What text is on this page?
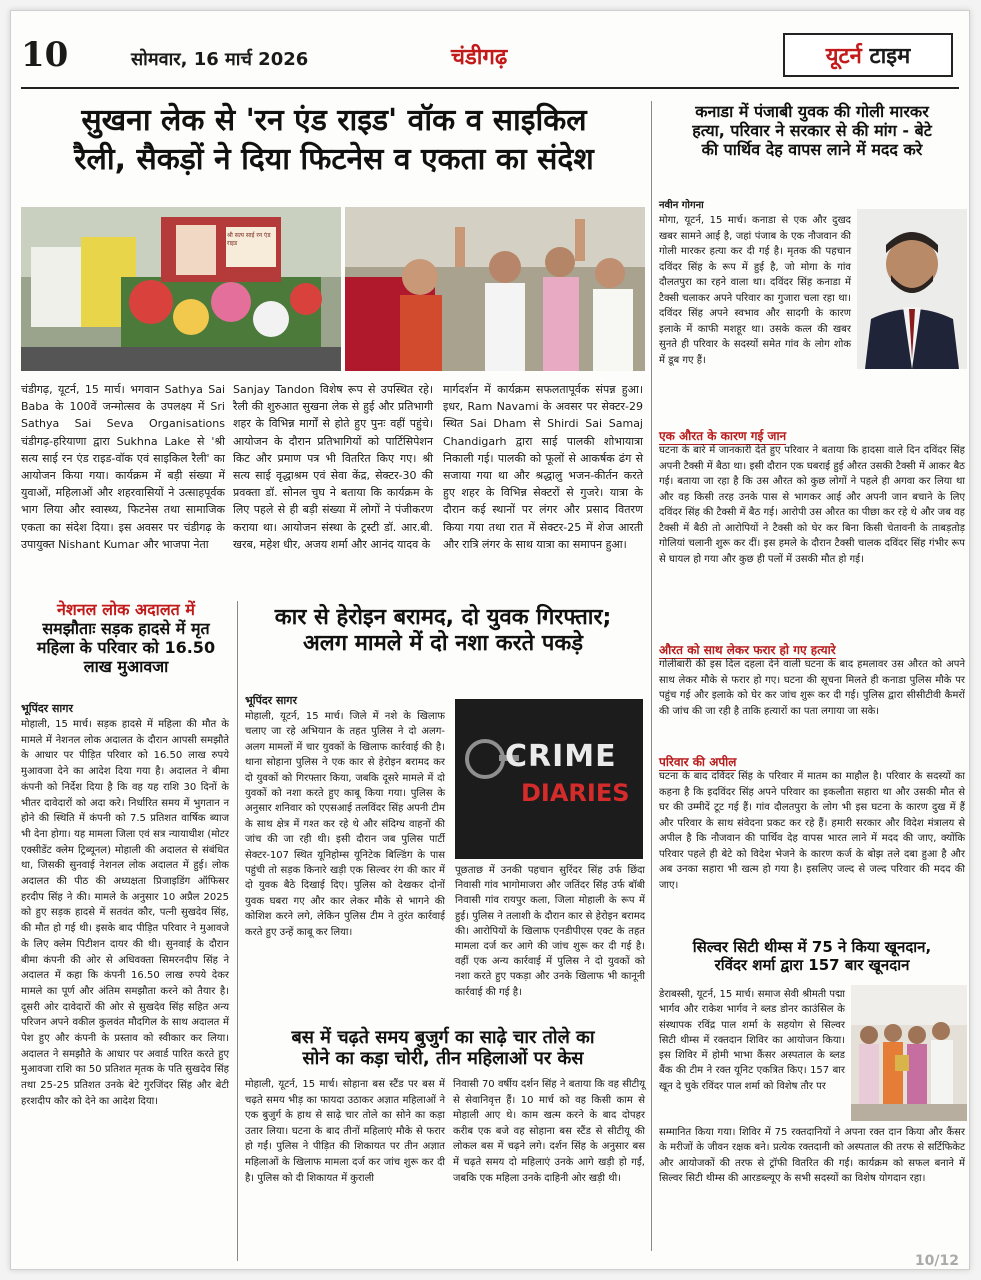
10	सोमवार, 16 मार्च 2026	चंडीगढ़	यूटर्न
टाइम
सुखना लेक से 'रन एंड राइड' वॉक व साइकिल
रैली, सैकड़ों ने दिया फिटनेस व एकता का संदेश
श्री सत्य साई रन एंड राइड
चंडीगढ़, यूटर्न, 15 मार्च। भगवान Sathya Sai Baba के 100वें जन्मोत्सव के उपलक्ष्य में Sri Sathya Sai Seva Organisations चंडीगढ़-हरियाणा द्वारा Sukhna Lake से 'श्री सत्य साई रन एंड राइड-वॉक एवं साइकिल रैली' का आयोजन किया गया। कार्यक्रम में बड़ी संख्या में युवाओं, महिलाओं और शहरवासियों ने उत्साहपूर्वक भाग लिया और स्वास्थ्य, फिटनेस तथा सामाजिक एकता का संदेश दिया। इस अवसर पर चंडीगढ़ के उपायुक्त Nishant Kumar और भाजपा नेता
Sanjay Tandon विशेष रूप से उपस्थित रहे। रैली की शुरुआत सुखना लेक से हुई और प्रतिभागी शहर के विभिन्न मार्गों से होते हुए पुनः वहीं पहुंचे। आयोजन के दौरान प्रतिभागियों को पार्टिसिपेशन किट और प्रमाण पत्र भी वितरित किए गए। श्री सत्य साई वृद्धाश्रम एवं सेवा केंद्र, सेक्टर-30 की प्रवक्ता डॉ. सोनल चुघ ने बताया कि कार्यक्रम के लिए पहले से ही बड़ी संख्या में लोगों ने पंजीकरण कराया था। आयोजन संस्था के ट्रस्टी डॉ. आर.बी. खरब, महेश धीर, अजय शर्मा और आनंद यादव के
मार्गदर्शन में कार्यक्रम सफलतापूर्वक संपन्न हुआ। इधर, Ram Navami के अवसर पर सेक्टर-29 स्थित Sai Dham से Shirdi Sai Samaj Chandigarh द्वारा साई पालकी शोभायात्रा निकाली गई। पालकी को फूलों से आकर्षक ढंग से सजाया गया था और श्रद्धालु भजन-कीर्तन करते हुए शहर के विभिन्न सेक्टरों से गुजरे। यात्रा के दौरान कई स्थानों पर लंगर और प्रसाद वितरण किया गया तथा रात में सेक्टर-25 में शेज आरती और रात्रि लंगर के साथ यात्रा का समापन हुआ।
नेशनल लोक अदालत में
समझौताः सड़क हादसे में मृत
महिला के परिवार को 16.50
लाख मुआवजा
भूपिंदर सागर
मोहाली, 15 मार्च। सड़क हादसे में महिला की मौत के मामले में नेशनल लोक अदालत के दौरान आपसी समझौते के आधार पर पीड़ित परिवार को 16.50 लाख रुपये मुआवजा देने का आदेश दिया गया है। अदालत ने बीमा कंपनी को निर्देश दिया है कि वह यह राशि 30 दिनों के भीतर दावेदारों को अदा करे। निर्धारित समय में भुगतान न होने की स्थिति में कंपनी को 7.5 प्रतिशत वार्षिक ब्याज भी देना होगा। यह मामला जिला एवं सत्र न्यायाधीश (मोटर एक्सीडेंट क्लेम ट्रिब्यूनल) मोहाली की अदालत से संबंधित था, जिसकी सुनवाई नेशनल लोक अदालत में हुई। लोक अदालत की पीठ की अध्यक्षता प्रिजाइडिंग ऑफिसर हरदीप सिंह ने की। मामले के अनुसार 10 अप्रैल 2025 को हुए सड़क हादसे में सतवंत कौर, पत्नी सुखदेव सिंह, की मौत हो गई थी। इसके बाद पीड़ित परिवार ने मुआवजे के लिए क्लेम पिटीशन दायर की थी। सुनवाई के दौरान बीमा कंपनी की ओर से अधिवक्ता सिमरनदीप सिंह ने अदालत में कहा कि कंपनी 16.50 लाख रुपये देकर मामले का पूर्ण और अंतिम समझौता करने को तैयार है। दूसरी ओर दावेदारों की ओर से सुखदेव सिंह सहित अन्य परिजन अपने वकील कुलवंत मौदगिल के साथ अदालत में पेश हुए और कंपनी के प्रस्ताव को स्वीकार कर लिया। अदालत ने समझौते के आधार पर अवार्ड पारित करते हुए मुआवजा राशि का 50 प्रतिशत मृतक के पति सुखदेव सिंह तथा 25-25 प्रतिशत उनके बेटे गुरजिंदर सिंह और बेटी हरशदीप कौर को देने का आदेश दिया।
कार से हेरोइन बरामद, दो युवक गिरफ्तार;
अलग मामले में दो नशा करते पकड़े
भूपिंदर सागर
मोहाली, यूटर्न, 15 मार्च। जिले में नशे के खिलाफ चलाए जा रहे अभियान के तहत पुलिस ने दो अलग-अलग मामलों में चार युवकों के खिलाफ कार्रवाई की है। थाना सोहाना पुलिस ने एक कार से हेरोइन बरामद कर दो युवकों को गिरफ्तार किया, जबकि दूसरे मामले में दो युवकों को नशा करते हुए काबू किया गया। पुलिस के अनुसार शनिवार को एएसआई तलविंदर सिंह अपनी टीम के साथ क्षेत्र में गश्त कर रहे थे और संदिग्ध वाहनों की जांच की जा रही थी। इसी दौरान जब पुलिस पार्टी सेक्टर-107 स्थित यूनिहोम्स यूनिटेक बिल्डिंग के पास पहुंची तो सड़क किनारे खड़ी एक सिल्वर रंग की कार में दो युवक बैठे दिखाई दिए। पुलिस को देखकर दोनों युवक घबरा गए और कार लेकर मौके से भागने की कोशिश करने लगे, लेकिन पुलिस टीम ने तुरंत कार्रवाई करते हुए उन्हें काबू कर लिया।
CRIME
DIARIES
पूछताछ में उनकी पहचान सुरिंदर सिंह उर्फ छिंदा निवासी गांव भागोमाजरा और जतिंदर सिंह उर्फ बॉबी निवासी गांव रायपुर कला, जिला मोहाली के रूप में हुई। पुलिस ने तलाशी के दौरान कार से हेरोइन बरामद की। आरोपियों के खिलाफ एनडीपीएस एक्ट के तहत मामला दर्ज कर आगे की जांच शुरू कर दी गई है। वहीं एक अन्य कार्रवाई में पुलिस ने दो युवकों को नशा करते हुए पकड़ा और उनके खिलाफ भी कानूनी कार्रवाई की गई है।
बस में चढ़ते समय बुजुर्ग का साढ़े चार तोले का
सोने का कड़ा चोरी, तीन महिलाओं पर केस
मोहाली, यूटर्न, 15 मार्च। सोहाना बस स्टैंड पर बस में चढ़ते समय भीड़ का फायदा उठाकर अज्ञात महिलाओं ने एक बुजुर्ग के हाथ से साढ़े चार तोले का सोने का कड़ा उतार लिया। घटना के बाद तीनों महिलाएं मौके से फरार हो गईं। पुलिस ने पीड़ित की शिकायत पर तीन अज्ञात महिलाओं के खिलाफ मामला दर्ज कर जांच शुरू कर दी है। पुलिस को दी शिकायत में कुराली
निवासी 70 वर्षीय दर्शन सिंह ने बताया कि वह सीटीयू से सेवानिवृत्त हैं। 10 मार्च को वह किसी काम से मोहाली आए थे। काम खत्म करने के बाद दोपहर करीब एक बजे वह सोहाना बस स्टैंड से सीटीयू की लोकल बस में चढ़ने लगे। दर्शन सिंह के अनुसार बस में चढ़ते समय दो महिलाएं उनके आगे खड़ी हो गईं, जबकि एक महिला उनके दाहिनी ओर खड़ी थी।
कनाडा में पंजाबी युवक की गोली मारकर
हत्या, परिवार ने सरकार से की मांग - बेटे
की पार्थिव देह वापस लाने में मदद करे
नवीन गोगना
मोगा, यूटर्न, 15 मार्च। कनाडा से एक और दुखद खबर सामने आई है, जहां पंजाब के एक नौजवान की गोली मारकर हत्या कर दी गई है। मृतक की पहचान दविंदर सिंह के रूप में हुई है, जो मोगा के गांव दौलतपुरा का रहने वाला था। दविंदर सिंह कनाडा में टैक्सी चलाकर अपने परिवार का गुजारा चला रहा था। दविंदर सिंह अपने स्वभाव और सादगी के कारण इलाके में काफी मशहूर था। उसके कत्ल की खबर सुनते ही परिवार के सदस्यों समेत गांव के लोग शोक में डूब गए हैं।
एक औरत के कारण गई जान
घटना के बारे में जानकारी देते हुए परिवार ने बताया कि हादसा वाले दिन दविंदर सिंह अपनी टैक्सी में बैठा था। इसी दौरान एक घबराई हुई औरत उसकी टैक्सी में आकर बैठ गई। बताया जा रहा है कि उस औरत को कुछ लोगों ने पहले ही अगवा कर लिया था और वह किसी तरह उनके पास से भागकर आई और अपनी जान बचाने के लिए दविंदर सिंह की टैक्सी में बैठ गई। आरोपी उस औरत का पीछा कर रहे थे और जब वह टैक्सी में बैठी तो आरोपियों ने टैक्सी को घेर कर बिना किसी चेतावनी के ताबड़तोड़ गोलियां चलानी शुरू कर दीं। इस हमले के दौरान टैक्सी चालक दविंदर सिंह गंभीर रूप से घायल हो गया और कुछ ही पलों में उसकी मौत हो गई।
औरत को साथ लेकर फरार हो गए हत्यारे
गोलीबारी की इस दिल दहला देने वाली घटना के बाद हमलावर उस औरत को अपने साथ लेकर मौके से फरार हो गए। घटना की सूचना मिलते ही कनाडा पुलिस मौके पर पहुंच गई और इलाके को घेर कर जांच शुरू कर दी गई। पुलिस द्वारा सीसीटीवी कैमरों की जांच की जा रही है ताकि हत्यारों का पता लगाया जा सके।
परिवार की अपील
घटना के बाद दविंदर सिंह के परिवार में मातम का माहौल है। परिवार के सदस्यों का कहना है कि इदविंदर सिंह अपने परिवार का इकलौता सहारा था और उसकी मौत से घर की उम्मीदें टूट गई हैं। गांव दौलतपुरा के लोग भी इस घटना के कारण दुख में हैं और परिवार के साथ संवेदना प्रकट कर रहे हैं। हमारी सरकार और विदेश मंत्रालय से अपील है कि नौजवान की पार्थिव देह वापस भारत लाने में मदद की जाए, क्योंकि परिवार पहले ही बेटे को विदेश भेजने के कारण कर्ज के बोझ तले दबा हुआ है और अब उनका सहारा भी खत्म हो गया है। इसलिए जल्द से जल्द परिवार की मदद की जाए।
सिल्वर सिटी थीम्स में 75 ने किया खूनदान,
रविंदर शर्मा द्वारा 157 बार खूनदान
डेराबस्सी, यूटर्न, 15 मार्च। समाज सेवी श्रीमती पद्मा भार्गव और राकेश भार्गव ने ब्लड डोनर काउंसिल के संस्थापक रविंद्र पाल शर्मा के सहयोग से सिल्वर सिटी थीम्स में रक्तदान शिविर का आयोजन किया। इस शिविर में होमी भाभा कैंसर अस्पताल के ब्लड बैंक की टीम ने रक्त यूनिट एकत्रित किए। 157 बार खून दे चुके रविंदर पाल शर्मा को विशेष तौर पर
सम्मानित किया गया। शिविर में 75 रक्तदानियों ने अपना रक्त दान किया और कैंसर के मरीजों के जीवन रक्षक बने। प्रत्येक रक्तदानी को अस्पताल की तरफ से सर्टिफिकेट और आयोजकों की तरफ से ट्रॉफी वितरित की गई। कार्यक्रम को सफल बनाने में सिल्वर सिटी थीम्स की आरडब्ल्यूए के सभी सदस्यों का विशेष योगदान रहा।
10/12
